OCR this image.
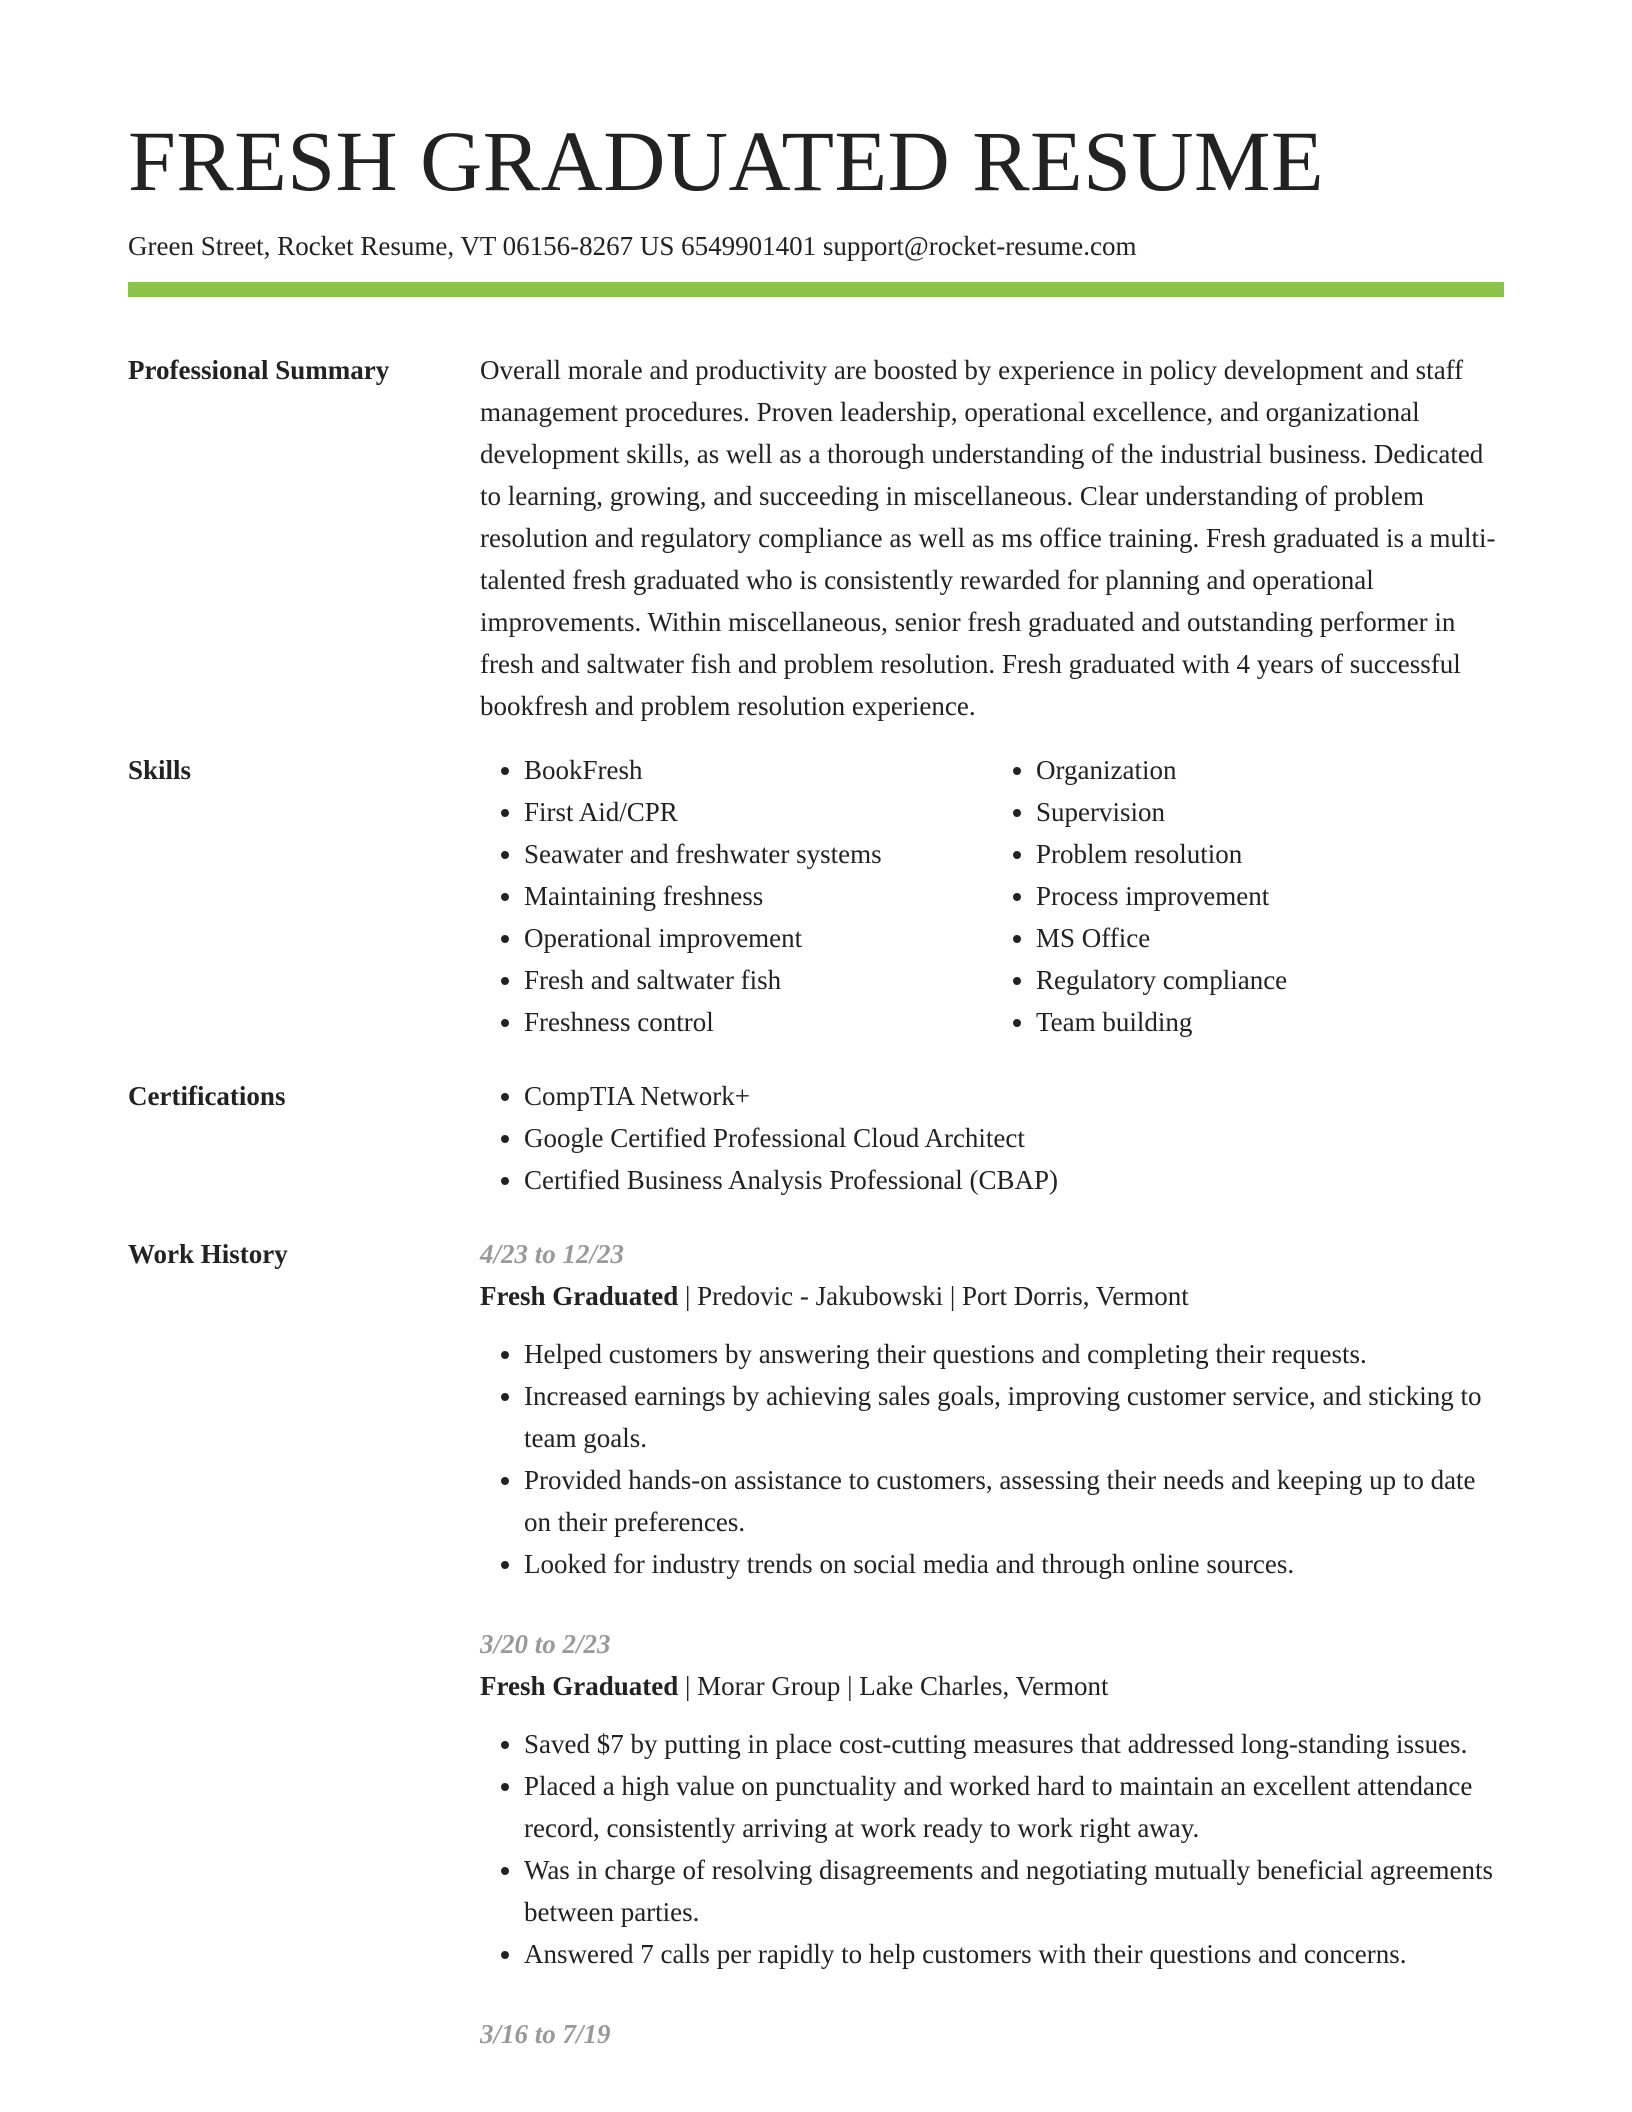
FRESH GRADUATED RESUME
Green Street, Rocket Resume, VT 06156-8267 US 6549901401 support@rocket-resume.com
Professional Summary	Overall morale and productivity are boosted by experience in policy development and staff management procedures. Proven leadership, operational excellence, and organizational development skills, as well as a thorough understanding of the industrial business. Dedicated to learning, growing, and succeeding in miscellaneous. Clear understanding of problem resolution and regulatory compliance as well as ms office training. Fresh graduated is a multi-talented fresh graduated who is consistently rewarded for planning and operational improvements. Within miscellaneous, senior fresh graduated and outstanding performer in fresh and saltwater fish and problem resolution. Fresh graduated with 4 years of successful bookfresh and problem resolution experience.

Skills	• BookFresh
• First Aid/CPR
• Seawater and freshwater systems
• Maintaining freshness
• Operational improvement
• Fresh and saltwater fish
• Freshness control
• Organization
• Supervision
• Problem resolution
• Process improvement
• MS Office
• Regulatory compliance
• Team building
Certifications	• CompTIA Network+
• Google Certified Professional Cloud Architect
• Certified Business Analysis Professional (CBAP)
Work History	4/23 to 12/23
Fresh Graduated | Predovic - Jakubowski | Port Dorris, Vermont
• Helped customers by answering their questions and completing their requests.
• Increased earnings by achieving sales goals, improving customer service, and sticking to team goals.
• Provided hands-on assistance to customers, assessing their needs and keeping up to date on their preferences.
• Looked for industry trends on social media and through online sources.
3/20 to 2/23
Fresh Graduated | Morar Group | Lake Charles, Vermont
• Saved $7 by putting in place cost-cutting measures that addressed long-standing issues.
• Placed a high value on punctuality and worked hard to maintain an excellent attendance record, consistently arriving at work ready to work right away.
• Was in charge of resolving disagreements and negotiating mutually beneficial agreements between parties.
• Answered 7 calls per rapidly to help customers with their questions and concerns.
3/16 to 7/19
